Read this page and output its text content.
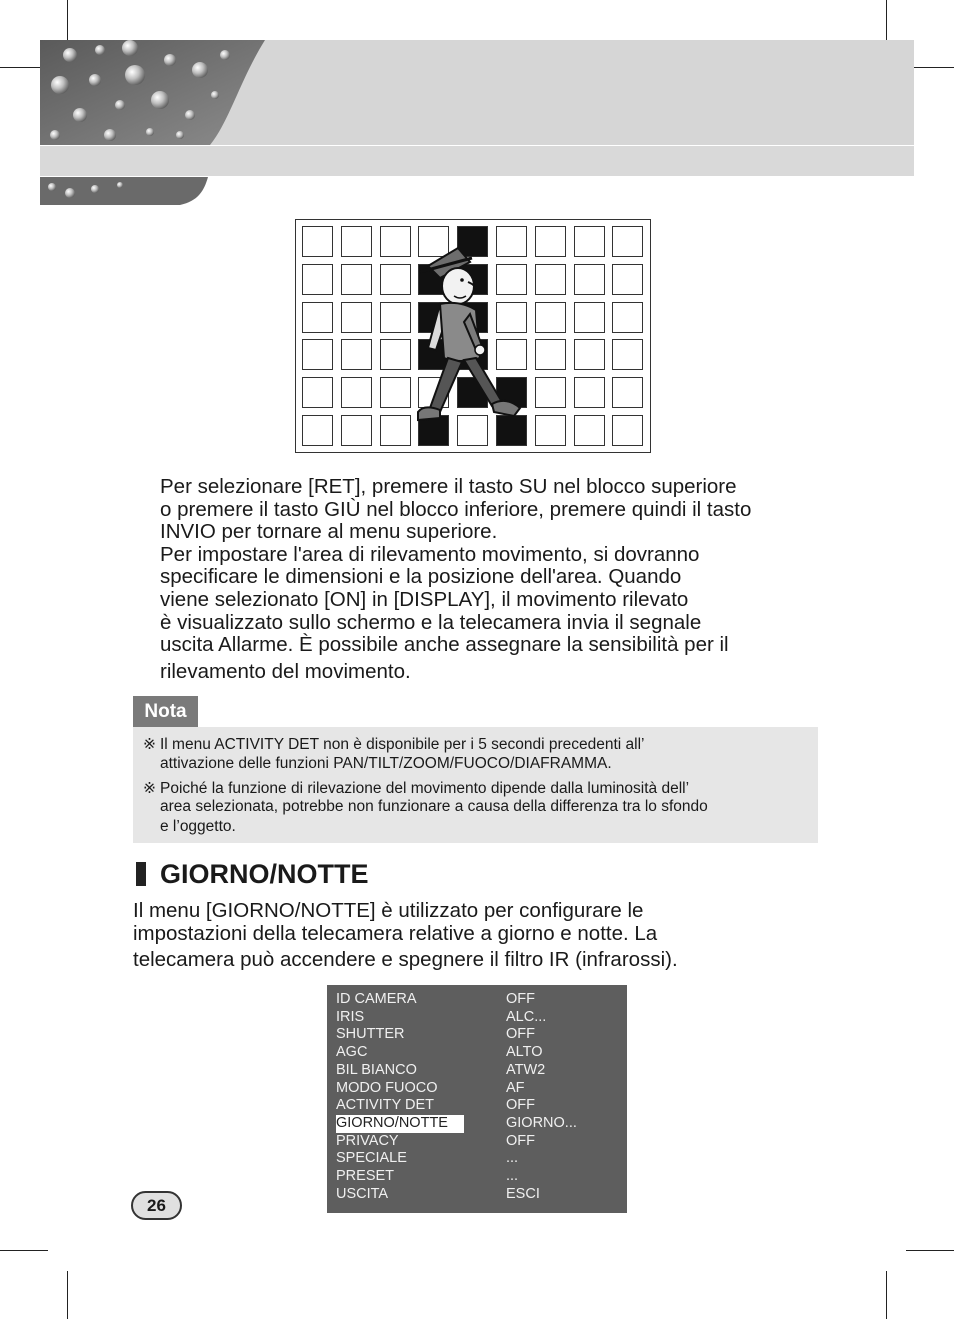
Per selezionare [RET], premere il tasto SU nel blocco superiore

o premere il tasto GIÙ nel blocco inferiore, premere quindi il tasto

INVIO per tornare al menu superiore.

Per impostare l'area di rilevamento movimento, si dovranno

specificare le dimensioni e la posizione dell'area. Quando

viene selezionato [ON] in [DISPLAY], il movimento rilevato

è visualizzato sullo schermo e la telecamera invia il segnale

uscita Allarme. È possibile anche assegnare la sensibilità per il

rilevamento del movimento.

Nota
※ Il menu ACTIVITY DET non è disponibile per i 5 secondi precedenti all’
attivazione delle funzioni PAN/TILT/ZOOM/FUOCO/DIAFRAMMA.
※ Poiché la funzione di rilevazione del movimento dipende dalla luminosità dell’
area selezionata, potrebbe non funzionare a causa della differenza tra lo sfondo
e l’oggetto.
GIORNO/NOTTE

Il menu [GIORNO/NOTTE] è utilizzato per configurare le

impostazioni della telecamera relative a giorno e notte. La

telecamera può accendere e spegnere il filtro IR (infrarossi).

ID CAMERA	OFF
IRIS	ALC...
SHUTTER	OFF
AGC	ALTO
BIL BIANCO	ATW2
MODO FUOCO	AF
ACTIVITY DET	OFF
GIORNO/NOTTE	GIORNO...
PRIVACY	OFF
SPECIALE	...
PRESET	...
USCITA	ESCI
26
